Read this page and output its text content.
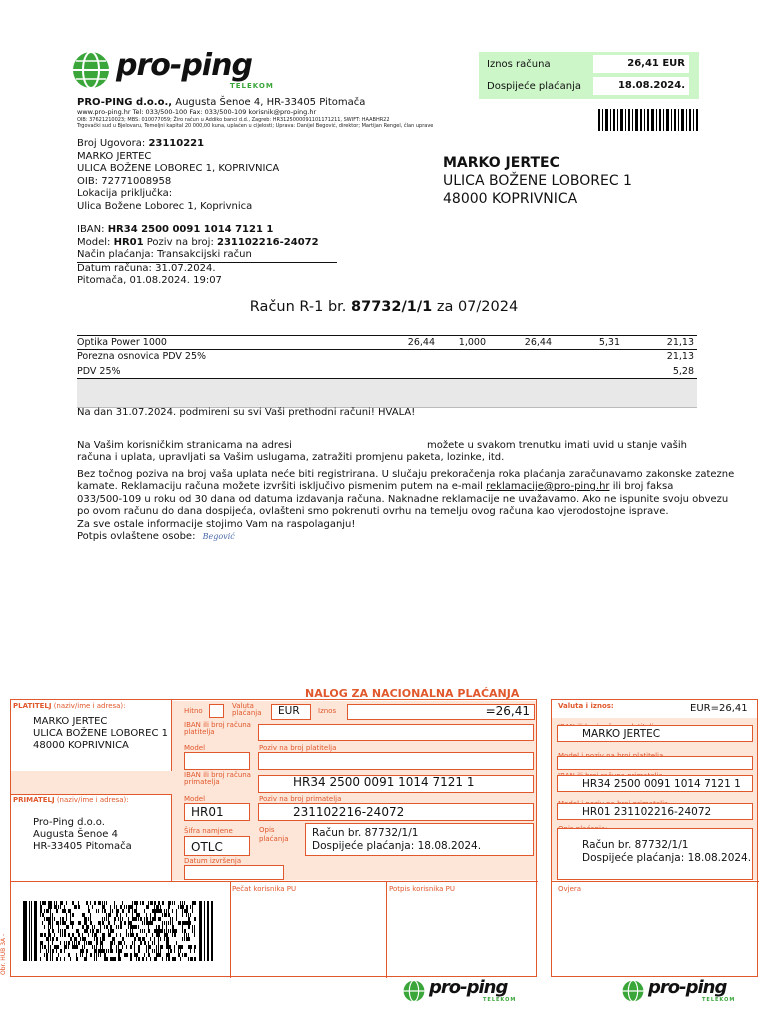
pro-ping
TELEKOM
PRO-PING d.o.o., Augusta Šenoe 4, HR-33405 Pitomača
www.pro-ping.hr Tel: 033/500-100 Fax: 033/500-109 korisnik@pro-ping.hr
OIB: 37621210023; MBS: 010077059; Žiro račun u Addiko banci d.d., Zagreb: HR3125000091101171211, SWIFT: HAABHR22
Trgovački sud u Bjelovaru, Temeljni kapital 20 000,00 kuna, uplaćen u cijelosti; Uprava: Danijel Begović, direktor; Martijan Rengel, član uprave
Iznos računa	26,41 EUR
Dospijeće plaćanja	18.08.2024.
Broj Ugovora: 23110221
MARKO JERTEC
ULICA BOŽENE LOBOREC 1, KOPRIVNICA
OIB: 72771008958
Lokacija priključka:
Ulica Božene Loborec 1, Koprivnica
IBAN: HR34 2500 0091 1014 7121 1
Model: HR01 Poziv na broj: 231102216-24072
Način plaćanja: Transakcijski račun
Datum računa: 31.07.2024.
Pitomača, 01.08.2024. 19:07
MARKO JERTEC
ULICA BOŽENE LOBOREC 1
48000 KOPRIVNICA
Račun R-1 br. 87732/1/1 za 07/2024
Optika Power 1000	26,44	1,000	26,44	5,31	21,13
Porezna osnovica PDV 25%	21,13
PDV 25%	5,28
Na dan 31.07.2024. podmireni su svi Vaši prethodni računi! HVALA!
Na Vašim korisničkim stranicama na adresi	možete u svakom trenutku imati uvid u stanje vaših
računa i uplata, upravljati sa Vašim uslugama, zatražiti promjenu paketa, lozinke, itd.
Bez točnog poziva na broj vaša uplata neće biti registrirana. U slučaju prekoračenja roka plaćanja zaračunavamo zakonske zatezne
kamate. Reklamaciju računa možete izvršiti isključivo pismenim putem na e-mail reklamacije@pro-ping.hr ili broj faksa
033/500-109 u roku od 30 dana od datuma izdavanja računa. Naknadne reklamacije ne uvažavamo. Ako ne ispunite svoju obvezu
po ovom računu do dana dospijeća, ovlašteni smo pokrenuti ovrhu na temelju ovog računa kao vjerodostojne isprave.
Za sve ostale informacije stojimo Vam na raspolaganju!
Potpis ovlaštene osobe: Begović
NALOG ZA NACIONALNA PLAĆANJA
PLATITELJ (naziv/ime i adresa):
MARKO JERTEC
ULICA BOŽENE LOBOREC 1
48000 KOPRIVNICA
Hitno
Valuta plaćanja	EUR	Iznos	=26,41
IBAN ili broj računa platitelja
Model	Poziv na broj platitelja
IBAN ili broj računa primatelja	HR34 2500 0091 1014 7121 1
PRIMATELJ (naziv/ime i adresa):
Pro-Ping d.o.o.
Augusta Šenoe 4
HR-33405 Pitomača
Model	Poziv na broj primatelja
HR01	231102216-24072
Šifra namjene
OTLC
Opis plaćanja	Račun br. 87732/1/1
Dospijeće plaćanja: 18.08.2024.
Datum izvršenja
Pečat korisnika PU	Potpis korisnika PU
Obr. HUB 3A -
Valuta i iznos:	EUR=26,41
MARKO JERTEC
HR34 2500 0091 1014 7121 1
HR01 231102216-24072
Račun br. 87732/1/1
Dospijeće plaćanja: 18.08.2024.
Ovjera
pro-ping
TELEKOM
pro-ping
TELEKOM
